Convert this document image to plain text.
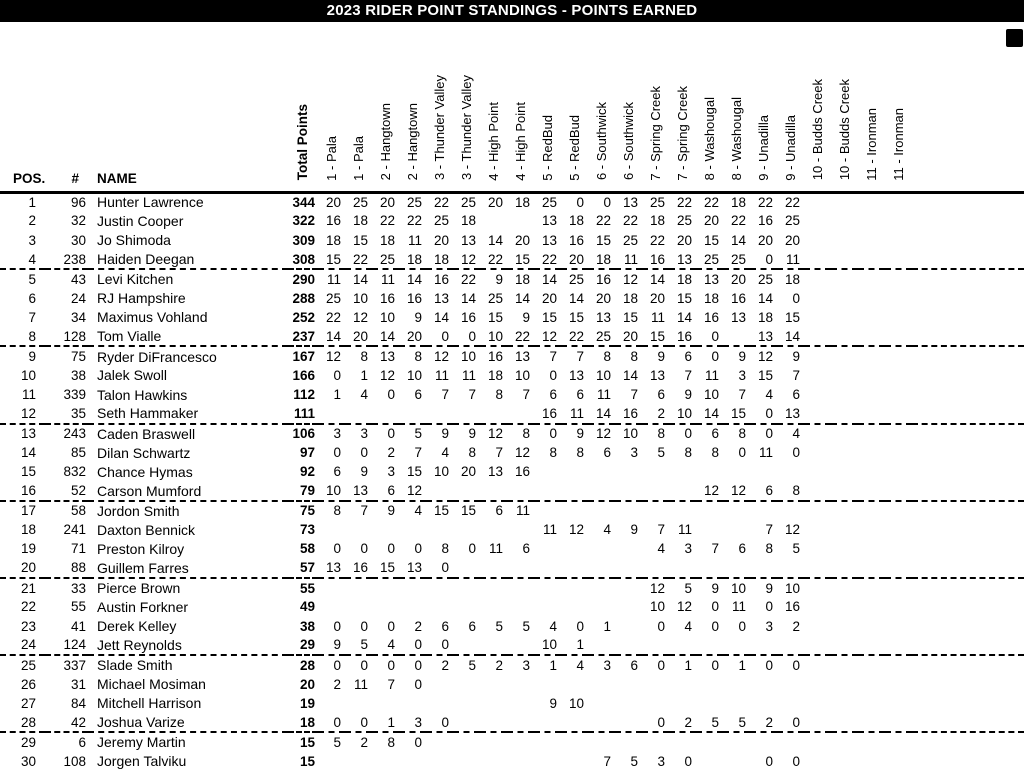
2023 RIDER POINT STANDINGS - POINTS EARNED
POS.	#	NAME	Total Points	1 - Pala	1 - Pala	2 - Hangtown	2 - Hangtown	3 - Thunder Valley	3 - Thunder Valley	4 - High Point	4 - High Point	5 - RedBud	5 - RedBud	6 - Southwick	6 - Southwick	7 - Spring Creek	7 - Spring Creek	8 - Washougal	8 - Washougal	9 - Unadilla	9 - Unadilla	10 - Budds Creek	10 - Budds Creek	11 - Ironman	11 - Ironman	
1	96	Hunter Lawrence	344	20	25	20	25	22	25	20	18	25	0	0	13	25	22	22	18	22	22					
2	32	Justin Cooper	322	16	18	22	22	25	18			13	18	22	22	18	25	20	22	16	25					
3	30	Jo Shimoda	309	18	15	18	11	20	13	14	20	13	16	15	25	22	20	15	14	20	20					
4	238	Haiden Deegan	308	15	22	25	18	18	12	22	15	22	20	18	11	16	13	25	25	0	11					
5	43	Levi Kitchen	290	11	14	11	14	16	22	9	18	14	25	16	12	14	18	13	20	25	18					
6	24	RJ Hampshire	288	25	10	16	16	13	14	25	14	20	14	20	18	20	15	18	16	14	0					
7	34	Maximus Vohland	252	22	12	10	9	14	16	15	9	15	15	13	15	11	14	16	13	18	15					
8	128	Tom Vialle	237	14	20	14	20	0	0	10	22	12	22	25	20	15	16	0		13	14					
9	75	Ryder DiFrancesco	167	12	8	13	8	12	10	16	13	7	7	8	8	9	6	0	9	12	9					
10	38	Jalek Swoll	166	0	1	12	10	11	11	18	10	0	13	10	14	13	7	11	3	15	7					
11	339	Talon Hawkins	112	1	4	0	6	7	7	8	7	6	6	11	7	6	9	10	7	4	6					
12	35	Seth Hammaker	111									16	11	14	16	2	10	14	15	0	13					
13	243	Caden Braswell	106	3	3	0	5	9	9	12	8	0	9	12	10	8	0	6	8	0	4					
14	85	Dilan Schwartz	97	0	0	2	7	4	8	7	12	8	8	6	3	5	8	8	0	11	0					
15	832	Chance Hymas	92	6	9	3	15	10	20	13	16															
16	52	Carson Mumford	79	10	13	6	12											12	12	6	8					
17	58	Jordon Smith	75	8	7	9	4	15	15	6	11															
18	241	Daxton Bennick	73									11	12	4	9	7	11			7	12					
19	71	Preston Kilroy	58	0	0	0	0	8	0	11	6					4	3	7	6	8	5					
20	88	Guillem Farres	57	13	16	15	13	0																		
21	33	Pierce Brown	55													12	5	9	10	9	10					
22	55	Austin Forkner	49													10	12	0	11	0	16					
23	41	Derek Kelley	38	0	0	0	2	6	6	5	5	4	0	1		0	4	0	0	3	2					
24	124	Jett Reynolds	29	9	5	4	0	0				10	1													
25	337	Slade Smith	28	0	0	0	0	2	5	2	3	1	4	3	6	0	1	0	1	0	0					
26	31	Michael Mosiman	20	2	11	7	0																			
27	84	Mitchell Harrison	19									9	10													
28	42	Joshua Varize	18	0	0	1	3	0								0	2	5	5	2	0					
29	6	Jeremy Martin	15	5	2	8	0																			
30	108	Jorgen Talviku	15											7	5	3	0			0	0					
